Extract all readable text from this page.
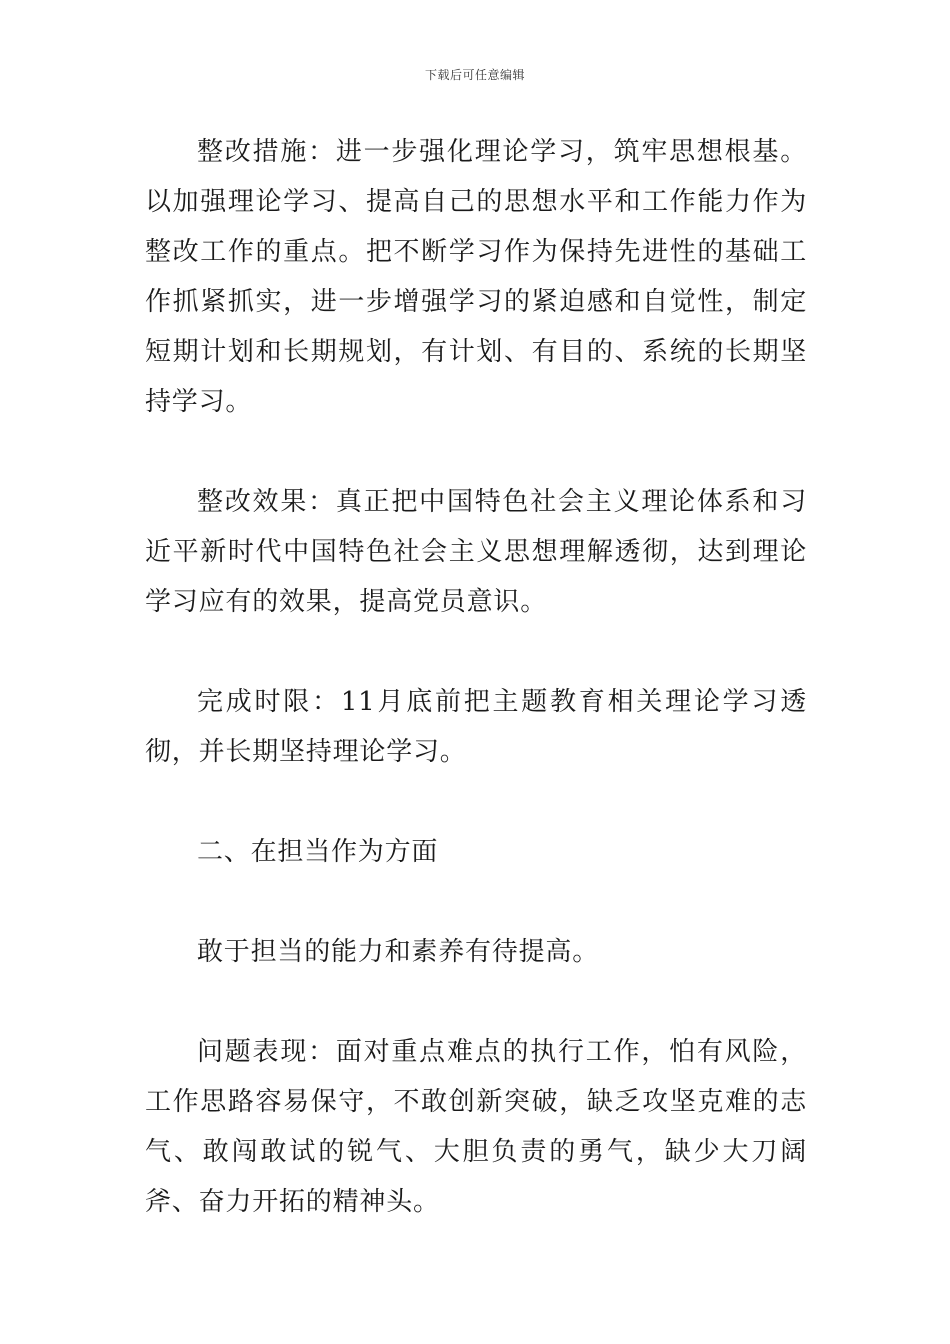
下载后可任意编辑

整改措施：进一步强化理论学习，筑牢思想根基。以加强理论学习、提高自己的思想水平和工作能力作为整改工作的重点。把不断学习作为保持先进性的基础工作抓紧抓实，进一步增强学习的紧迫感和自觉性，制定短期计划和长期规划，有计划、有目的、系统的长期坚持学习。

整改效果：真正把中国特色社会主义理论体系和习近平新时代中国特色社会主义思想理解透彻，达到理论学习应有的效果，提高党员意识。

完成时限：11月底前把主题教育相关理论学习透彻，并长期坚持理论学习。

二、在担当作为方面

敢于担当的能力和素养有待提高。

问题表现：面对重点难点的执行工作，怕有风险，工作思路容易保守，不敢创新突破，缺乏攻坚克难的志气、敢闯敢试的锐气、大胆负责的勇气，缺少大刀阔斧、奋力开拓的精神头。
